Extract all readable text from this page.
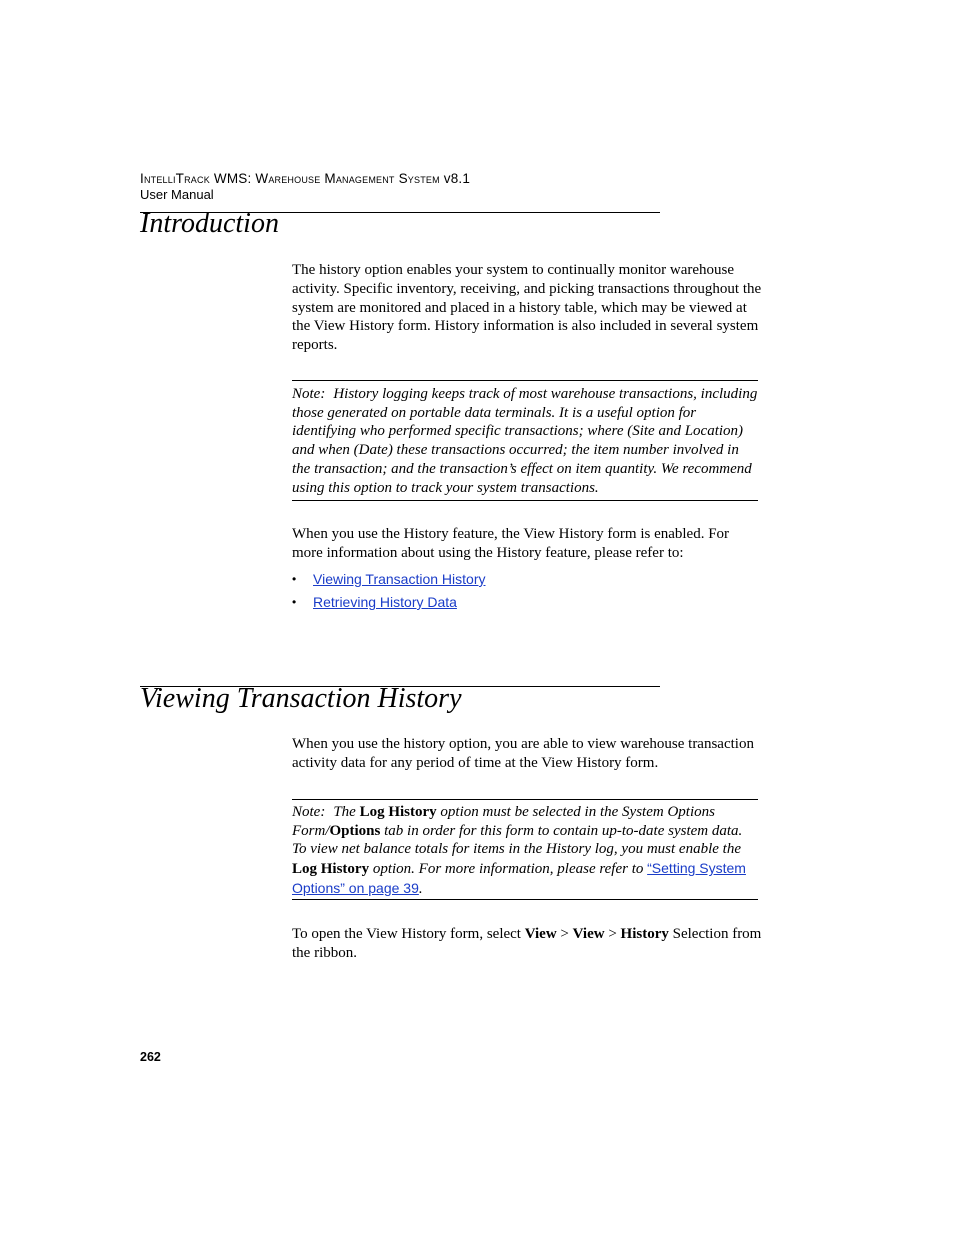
IntelliTrack WMS: Warehouse Management System v8.1
User Manual
Introduction

The history option enables your system to continually monitor warehouse activity. Specific inventory, receiving, and picking transactions throughout the system are monitored and placed in a history table, which may be viewed at the View History form. History information is also included in several system reports.

Note: History logging keeps track of most warehouse transactions, including those generated on portable data terminals. It is a useful option for identifying who performed specific transactions; where (Site and Location) and when (Date) these transactions occurred; the item number involved in the transaction; and the transaction’s effect on item quantity. We recommend using this option to track your system transactions.

When you use the History feature, the View History form is enabled. For more information about using the History feature, please refer to:

• Viewing Transaction History
• Retrieving History Data
Viewing Transaction History

When you use the history option, you are able to view warehouse transaction activity data for any period of time at the View History form.

Note: The Log History option must be selected in the System Options Form/Options tab in order for this form to contain up-to-date system data. To view net balance totals for items in the History log, you must enable the Log History option. For more information, please refer to “Setting System Options” on page 39.

To open the View History form, select View > View > History Selection from the ribbon.

262
